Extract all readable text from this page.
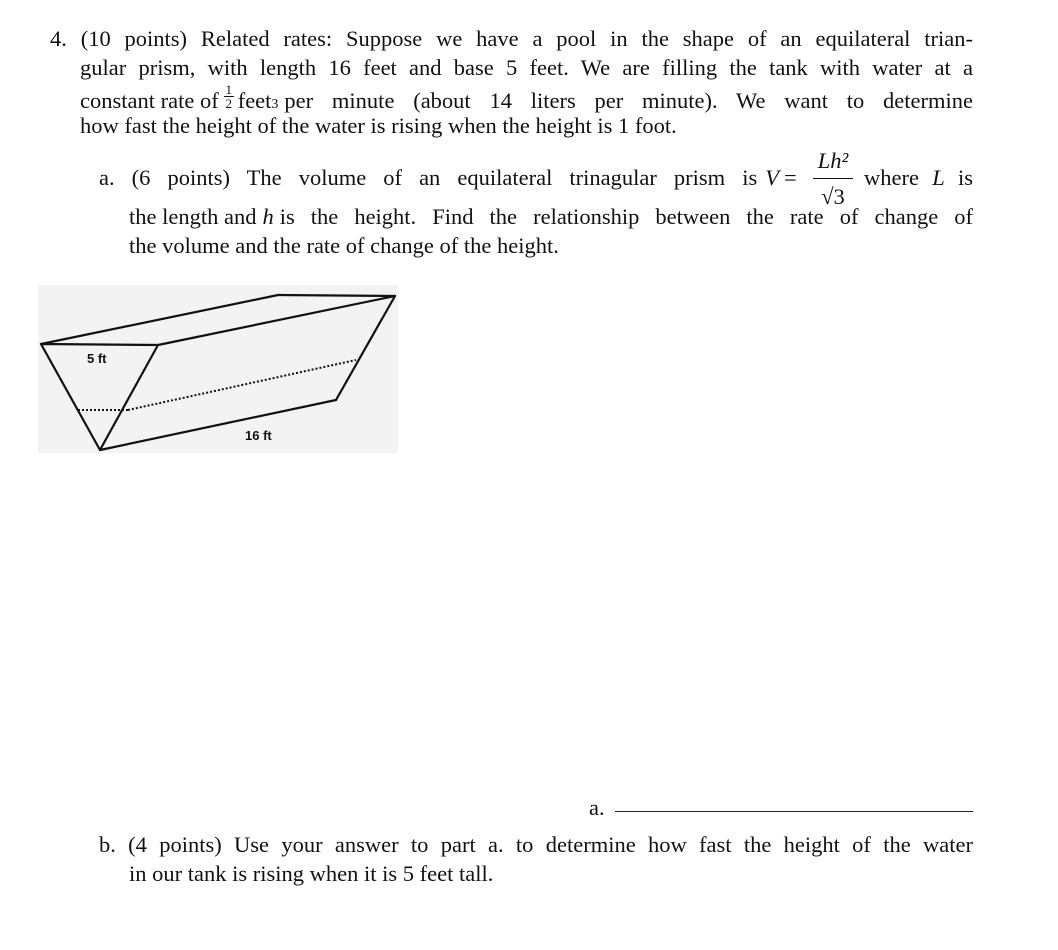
4. (10 points) Related rates: Suppose we have a pool in the shape of an equilateral trian-
gular prism, with length 16 feet and base 5 feet. We are filling the tank with water at a
constant rate of $\frac{1}{2}$ feet 3 per minute (about 14 liters per minute). We want to determine
how fast the height of the water is rising when the height is 1 foot.
a. (6 points) The volume of an equilateral trinagular prism is V =
Lh²
√3
where L is
the length and h is the height. Find the relationship between the rate of change of
the volume and the rate of change of the height.
5 ft
16 ft
a.
b. (4 points) Use your answer to part a. to determine how fast the height of the water
in our tank is rising when it is 5 feet tall.
